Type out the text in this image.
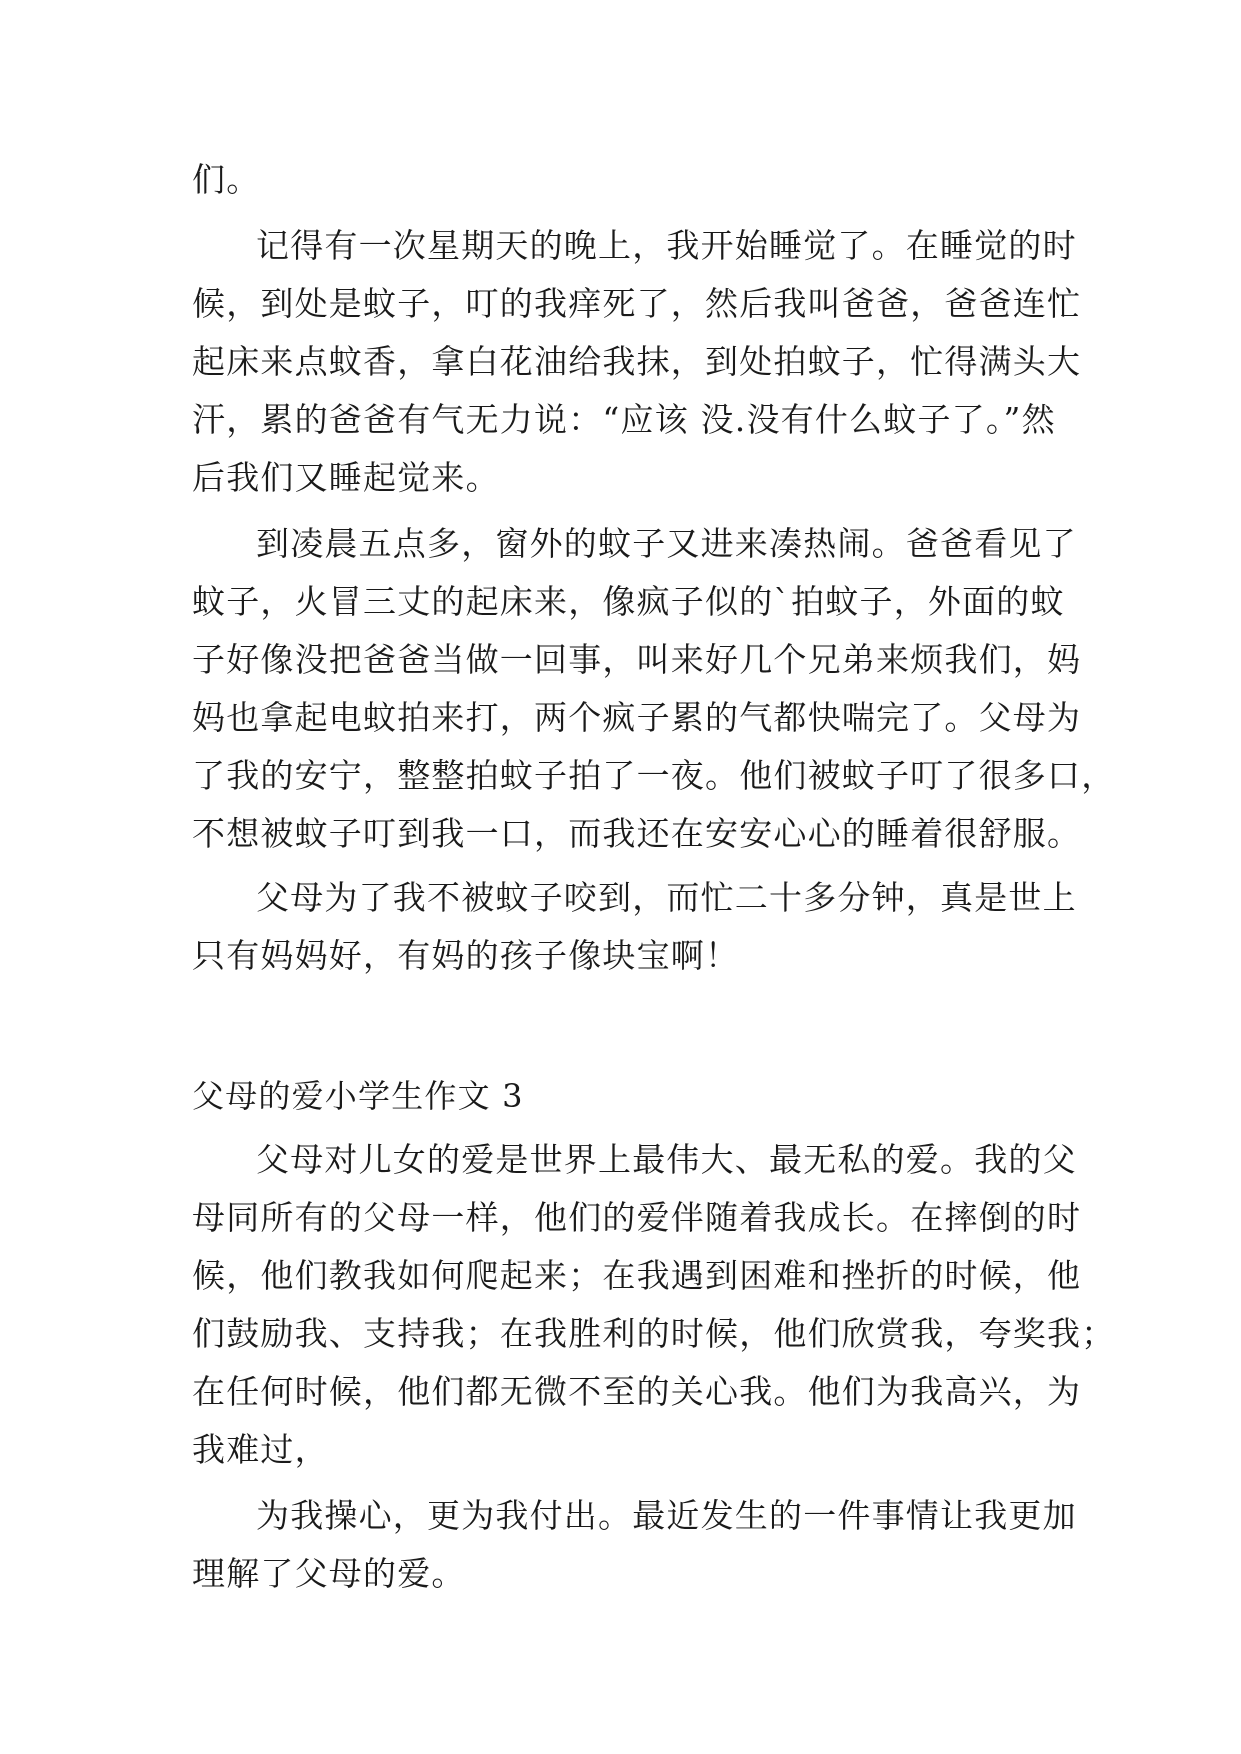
们。
记得有一次星期天的晚上，我开始睡觉了。在睡觉的时
候，到处是蚊子，叮的我痒死了，然后我叫爸爸，爸爸连忙
起床来点蚊香，拿白花油给我抹，到处拍蚊子，忙得满头大
汗，累的爸爸有气无力说：“应该 没.没有什么蚊子了。”然
后我们又睡起觉来。
到凌晨五点多，窗外的蚊子又进来凑热闹。爸爸看见了
蚊子，火冒三丈的起床来，像疯子似的`拍蚊子，外面的蚊
子好像没把爸爸当做一回事，叫来好几个兄弟来烦我们，妈
妈也拿起电蚊拍来打，两个疯子累的气都快喘完了。父母为
了我的安宁，整整拍蚊子拍了一夜。他们被蚊子叮了很多口，
不想被蚊子叮到我一口，而我还在安安心心的睡着很舒服。
父母为了我不被蚊子咬到，而忙二十多分钟，真是世上
只有妈妈好，有妈的孩子像块宝啊！
父母的爱小学生作文 3
父母对儿女的爱是世界上最伟大、最无私的爱。我的父
母同所有的父母一样，他们的爱伴随着我成长。在摔倒的时
候，他们教我如何爬起来；在我遇到困难和挫折的时候，他
们鼓励我、支持我；在我胜利的时候，他们欣赏我，夸奖我；
在任何时候，他们都无微不至的关心我。他们为我高兴，为
我难过，
为我操心，更为我付出。最近发生的一件事情让我更加
理解了父母的爱。
